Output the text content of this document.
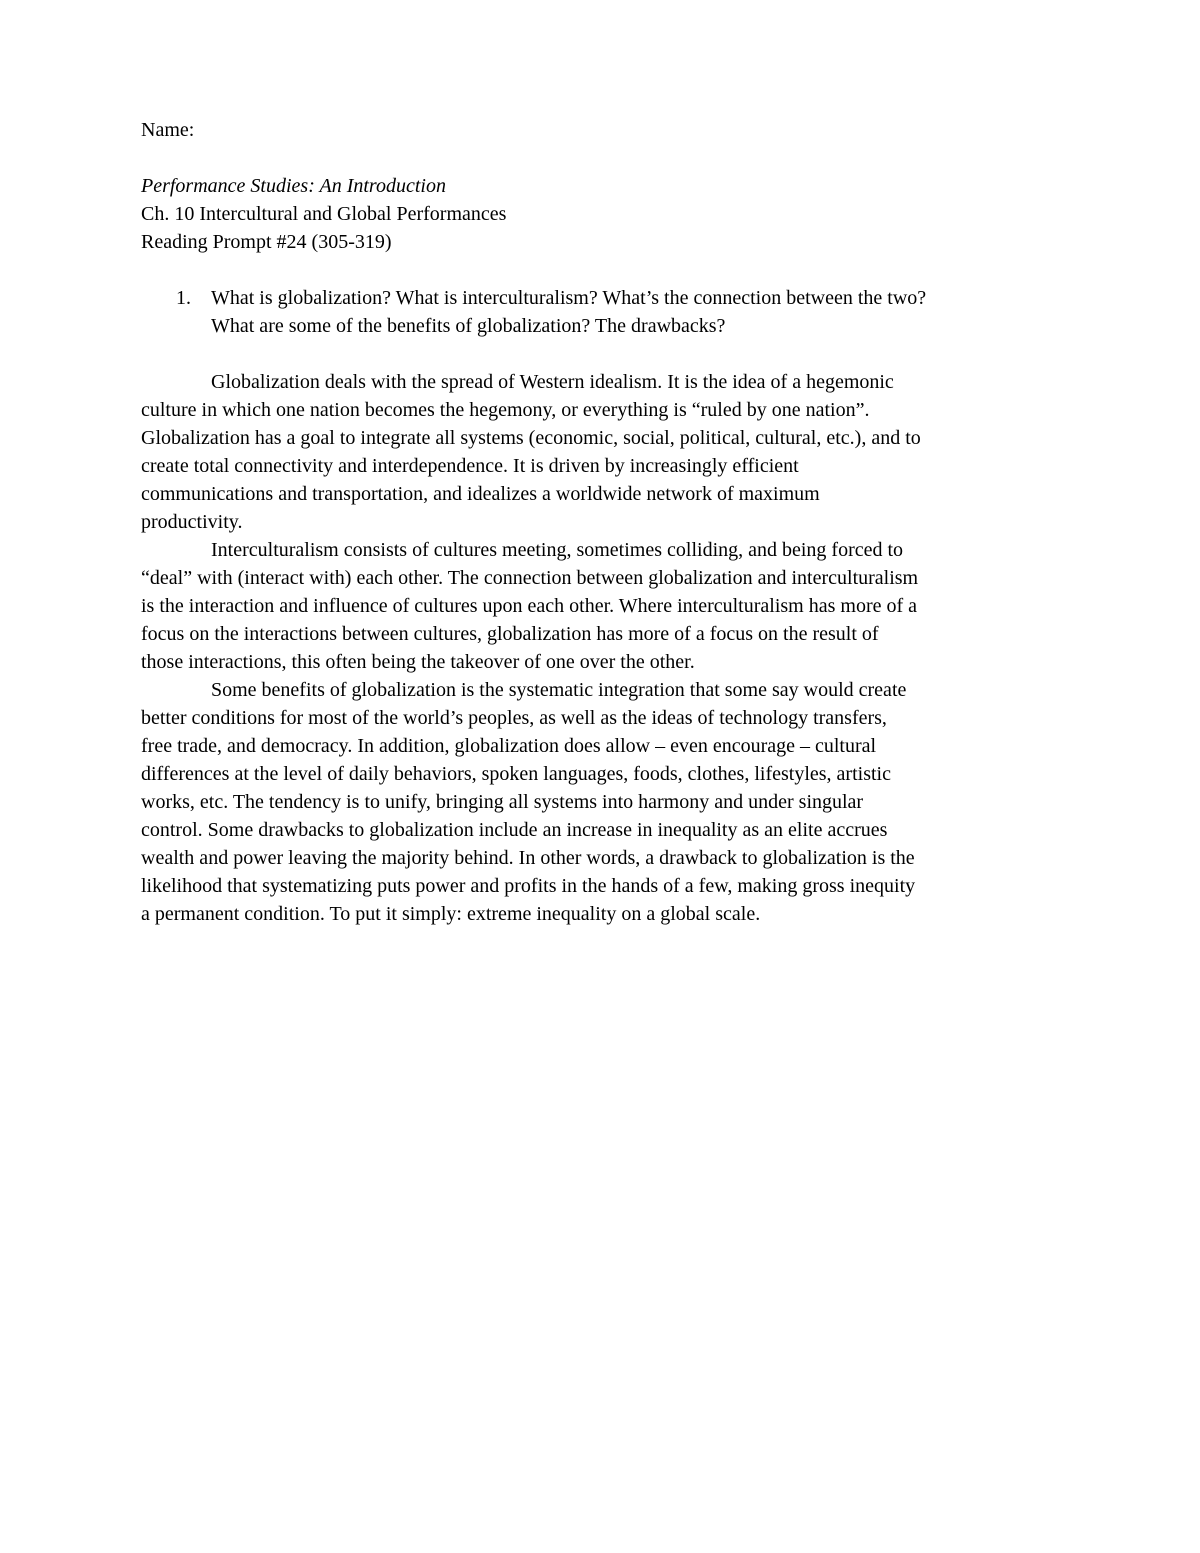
Name:
Performance Studies: An Introduction
Ch. 10 Intercultural and Global Performances
Reading Prompt #24 (305-319)
1. What is globalization? What is interculturalism? What’s the connection between the two?
What are some of the benefits of globalization? The drawbacks?
Globalization deals with the spread of Western idealism. It is the idea of a hegemonic
culture in which one nation becomes the hegemony, or everything is “ruled by one nation”.
Globalization has a goal to integrate all systems (economic, social, political, cultural, etc.), and to
create total connectivity and interdependence. It is driven by increasingly efficient
communications and transportation, and idealizes a worldwide network of maximum
productivity.
Interculturalism consists of cultures meeting, sometimes colliding, and being forced to
“deal” with (interact with) each other. The connection between globalization and interculturalism
is the interaction and influence of cultures upon each other. Where interculturalism has more of a
focus on the interactions between cultures, globalization has more of a focus on the result of
those interactions, this often being the takeover of one over the other.
Some benefits of globalization is the systematic integration that some say would create
better conditions for most of the world’s peoples, as well as the ideas of technology transfers,
free trade, and democracy. In addition, globalization does allow – even encourage – cultural
differences at the level of daily behaviors, spoken languages, foods, clothes, lifestyles, artistic
works, etc. The tendency is to unify, bringing all systems into harmony and under singular
control. Some drawbacks to globalization include an increase in inequality as an elite accrues
wealth and power leaving the majority behind. In other words, a drawback to globalization is the
likelihood that systematizing puts power and profits in the hands of a few, making gross inequity
a permanent condition. To put it simply: extreme inequality on a global scale.
